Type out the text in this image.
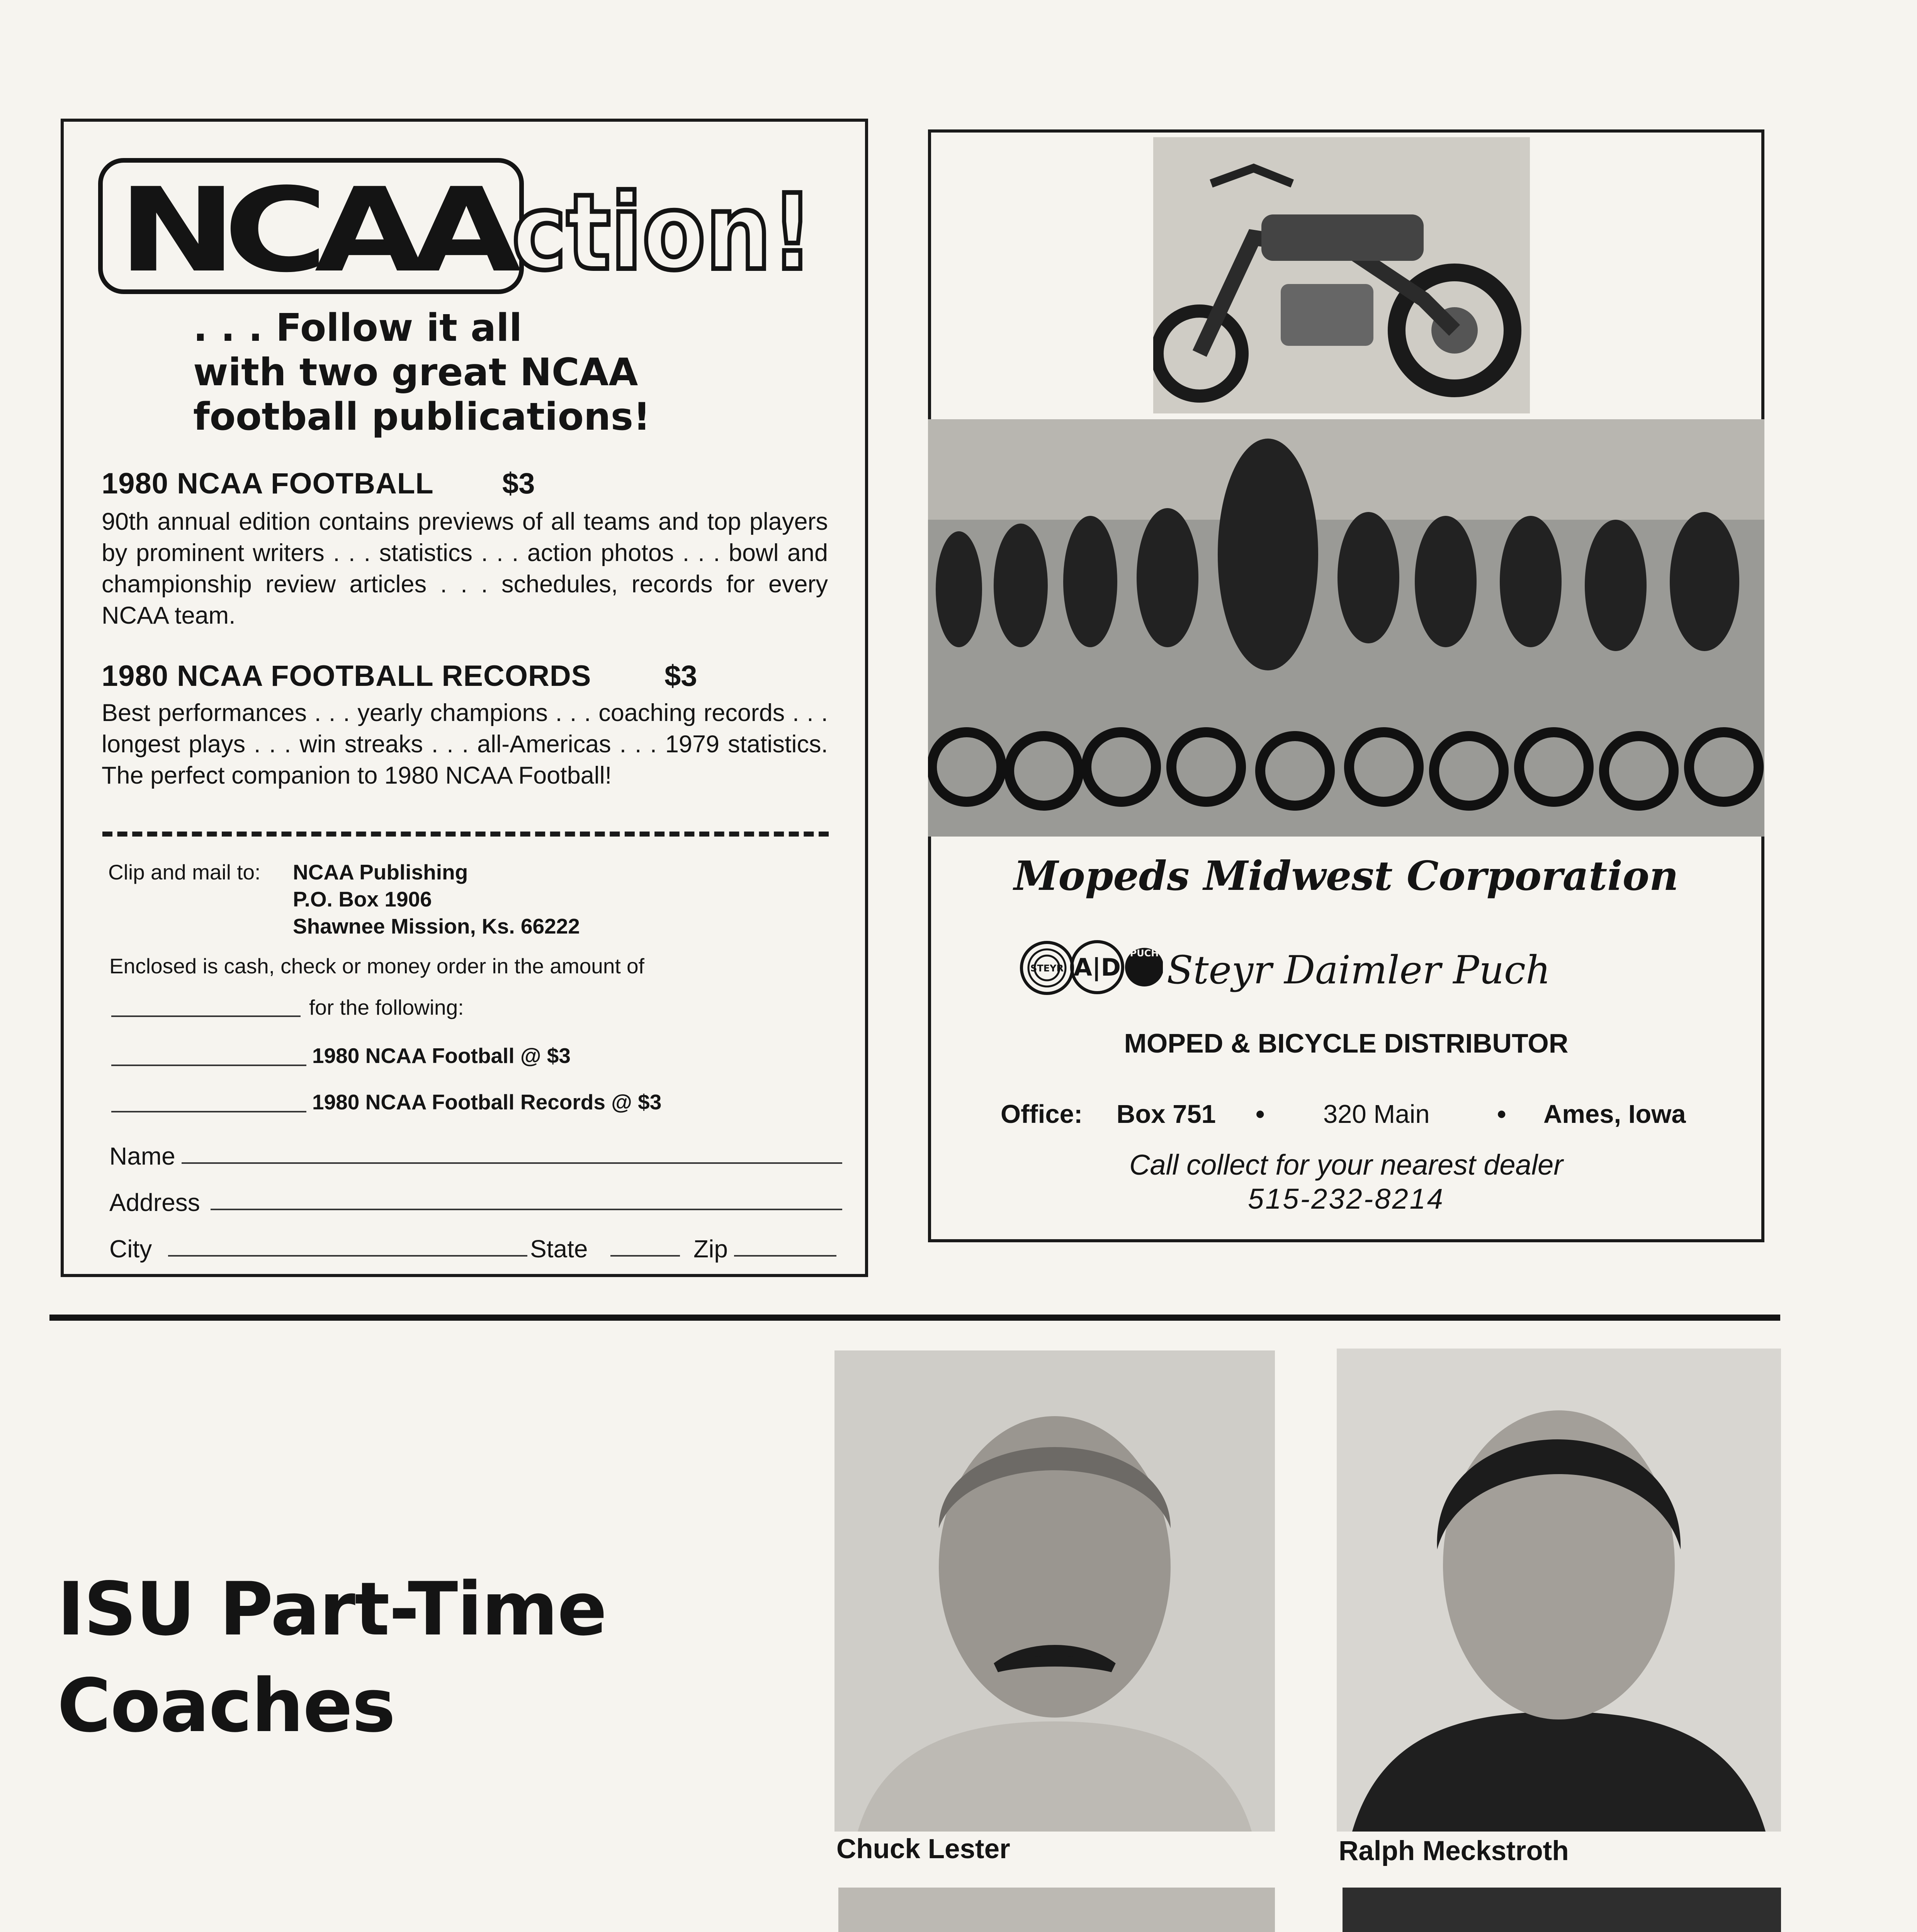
NCAA
ction!
. . . Follow it all
with two great NCAA
football publications!
1980 NCAA FOOTBALL $3
90th annual edition contains previews of all teams and top players by prominent writers . . . statistics . . . action photos . . . bowl and championship review articles . . . schedules, records for every NCAA team.
1980 NCAA FOOTBALL RECORDS $3
Best performances . . . yearly champions . . . coaching records . . . longest plays . . . win streaks . . . all-Americas . . . 1979 statistics. The perfect companion to 1980 NCAA Football!
Clip and mail to: NCAA Publishing
P.O. Box 1906
Shawnee Mission, Ks. 66222
Enclosed is cash, check or money order in the amount of
for the following:
1980 NCAA Football @ $3
1980 NCAA Football Records @ $3
Name
Address
City	State	Zip
Mopeds Midwest Corporation
STEYR A|D PUCH Steyr Daimler Puch
MOPED & BICYCLE DISTRIBUTOR
Office: Box 751 • 320 Main	• Ames, Iowa
Call collect for your nearest dealer
515-232-8214
ISU Part-Time
Coaches
Chuck Lester	Ralph Meckstroth
